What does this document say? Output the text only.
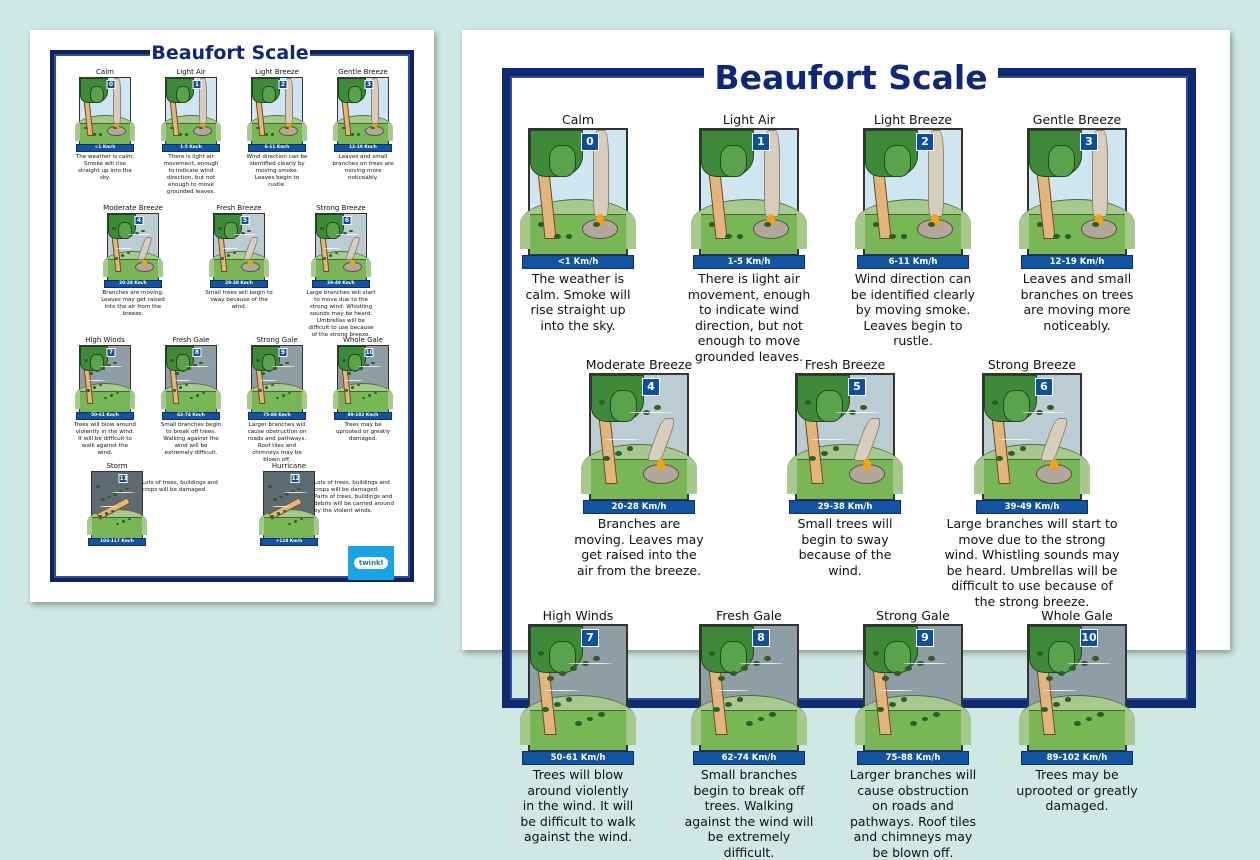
Beaufort Scale
Calm
0
<1 Km/h
The weather is calm. Smoke will rise straight up into the sky.
Light Air
1
1-5 Km/h
There is light air movement, enough to indicate wind direction, but not enough to move grounded leaves.
Light Breeze
2
6-11 Km/h
Wind direction can be identified clearly by moving smoke. Leaves begin to rustle.
Gentle Breeze
3
12-19 Km/h
Leaves and small branches on trees are moving more noticeably.
Moderate Breeze
4
20-28 Km/h
Branches are moving. Leaves may get raised into the air from the breeze.
Fresh Breeze
5
29-38 Km/h
Small trees will begin to sway because of the wind.
Strong Breeze
6
39-49 Km/h
Large branches will start to move due to the strong wind. Whistling sounds may be heard. Umbrellas will be difficult to use because of the strong breeze.
High Winds
7
50-61 Km/h
Trees will blow around violently in the wind. It will be difficult to walk against the wind.
Fresh Gale
8
62-74 Km/h
Small branches begin to break off trees. Walking against the wind will be extremely difficult.
Strong Gale
9
75-88 Km/h
Larger branches will cause obstruction on roads and pathways. Roof tiles and chimneys may be blown off.
Whole Gale
10
89-102 Km/h
Trees may be uprooted or greatly damaged.
Storm
11
103-117 Km/h
Lots of trees, buildings and crops will be damaged.
Hurricane
12
+118 Km/h
Lots of trees, buildings and crops will be damaged. Parts of trees, buildings and debris will be carried around by the violent winds.
twinkl
Beaufort Scale
Calm
0
<1 Km/h
The weather is calm. Smoke will rise straight up into the sky.
Light Air
1
1-5 Km/h
There is light air movement, enough to indicate wind direction, but not enough to move grounded leaves.
Light Breeze
2
6-11 Km/h
Wind direction can be identified clearly by moving smoke. Leaves begin to rustle.
Gentle Breeze
3
12-19 Km/h
Leaves and small branches on trees are moving more noticeably.
Moderate Breeze
4
20-28 Km/h
Branches are moving. Leaves may get raised into the air from the breeze.
Fresh Breeze
5
29-38 Km/h
Small trees will begin to sway because of the wind.
Strong Breeze
6
39-49 Km/h
Large branches will start to move due to the strong wind. Whistling sounds may be heard. Umbrellas will be difficult to use because of the strong breeze.
High Winds
7
50-61 Km/h
Trees will blow around violently in the wind. It will be difficult to walk against the wind.
Fresh Gale
8
62-74 Km/h
Small branches begin to break off trees. Walking against the wind will be extremely difficult.
Strong Gale
9
75-88 Km/h
Larger branches will cause obstruction on roads and pathways. Roof tiles and chimneys may be blown off.
Whole Gale
10
89-102 Km/h
Trees may be uprooted or greatly damaged.
